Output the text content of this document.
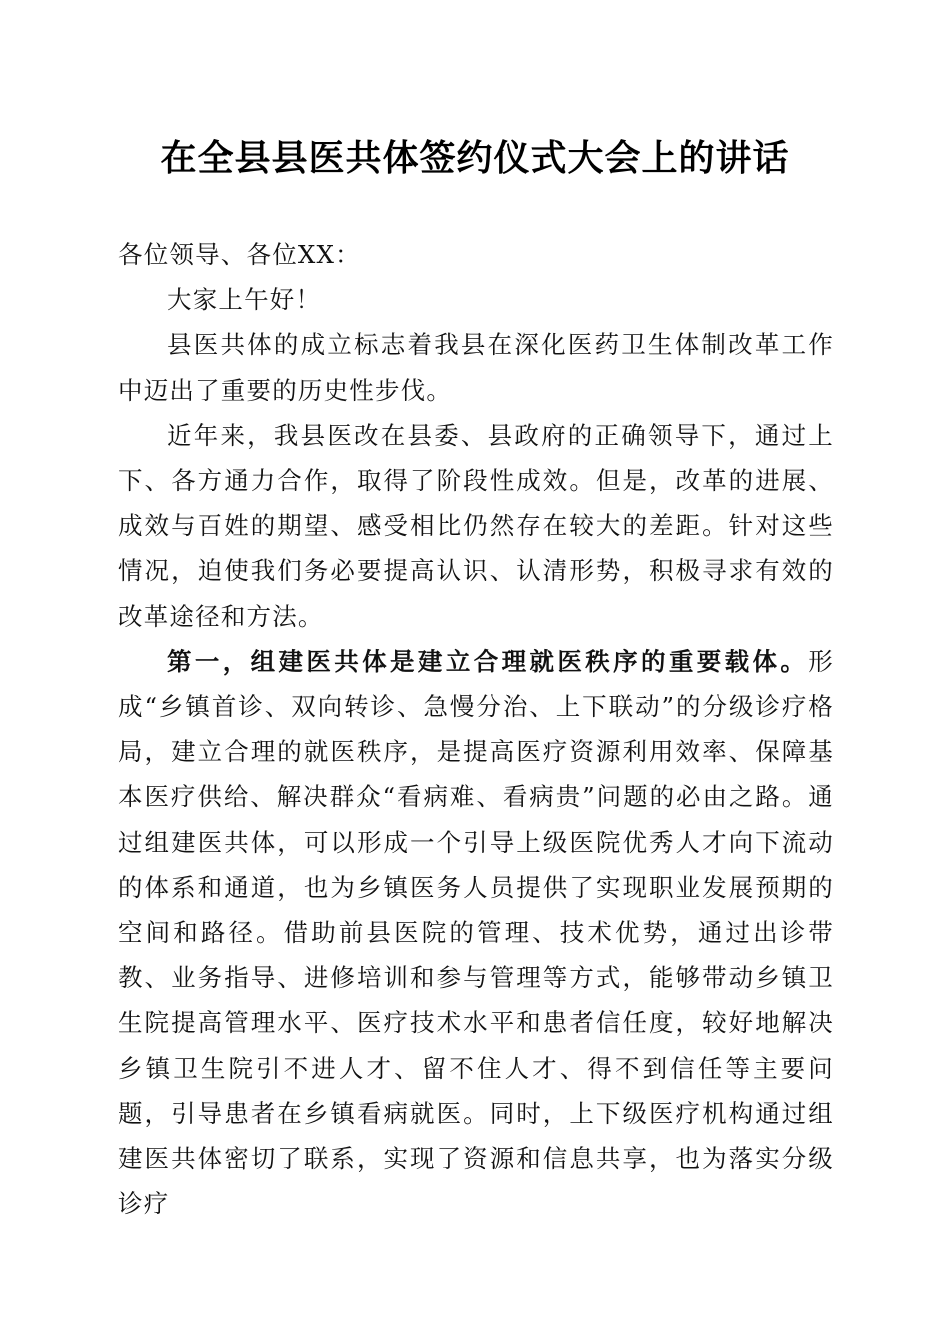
在全县县医共体签约仪式大会上的讲话

各位领导、各位XX：

大家上午好！

县医共体的成立标志着我县在深化医药卫生体制改革工作中迈出了重要的历史性步伐。

近年来，我县医改在县委、县政府的正确领导下，通过上下、各方通力合作，取得了阶段性成效。但是，改革的进展、成效与百姓的期望、感受相比仍然存在较大的差距。针对这些情况，迫使我们务必要提高认识、认清形势，积极寻求有效的改革途径和方法。

第一，组建医共体是建立合理就医秩序的重要载体。形成“乡镇首诊、双向转诊、急慢分治、上下联动”的分级诊疗格局，建立合理的就医秩序，是提高医疗资源利用效率、保障基本医疗供给、解决群众“看病难、看病贵”问题的必由之路。通过组建医共体，可以形成一个引导上级医院优秀人才向下流动的体系和通道，也为乡镇医务人员提供了实现职业发展预期的空间和路径。借助前县医院的管理、技术优势，通过出诊带教、业务指导、进修培训和参与管理等方式，能够带动乡镇卫生院提高管理水平、医疗技术水平和患者信任度，较好地解决乡镇卫生院引不进人才、留不住人才、得不到信任等主要问题，引导患者在乡镇看病就医。同时，上下级医疗机构通过组建医共体密切了联系，实现了资源和信息共享，也为落实分级诊疗
